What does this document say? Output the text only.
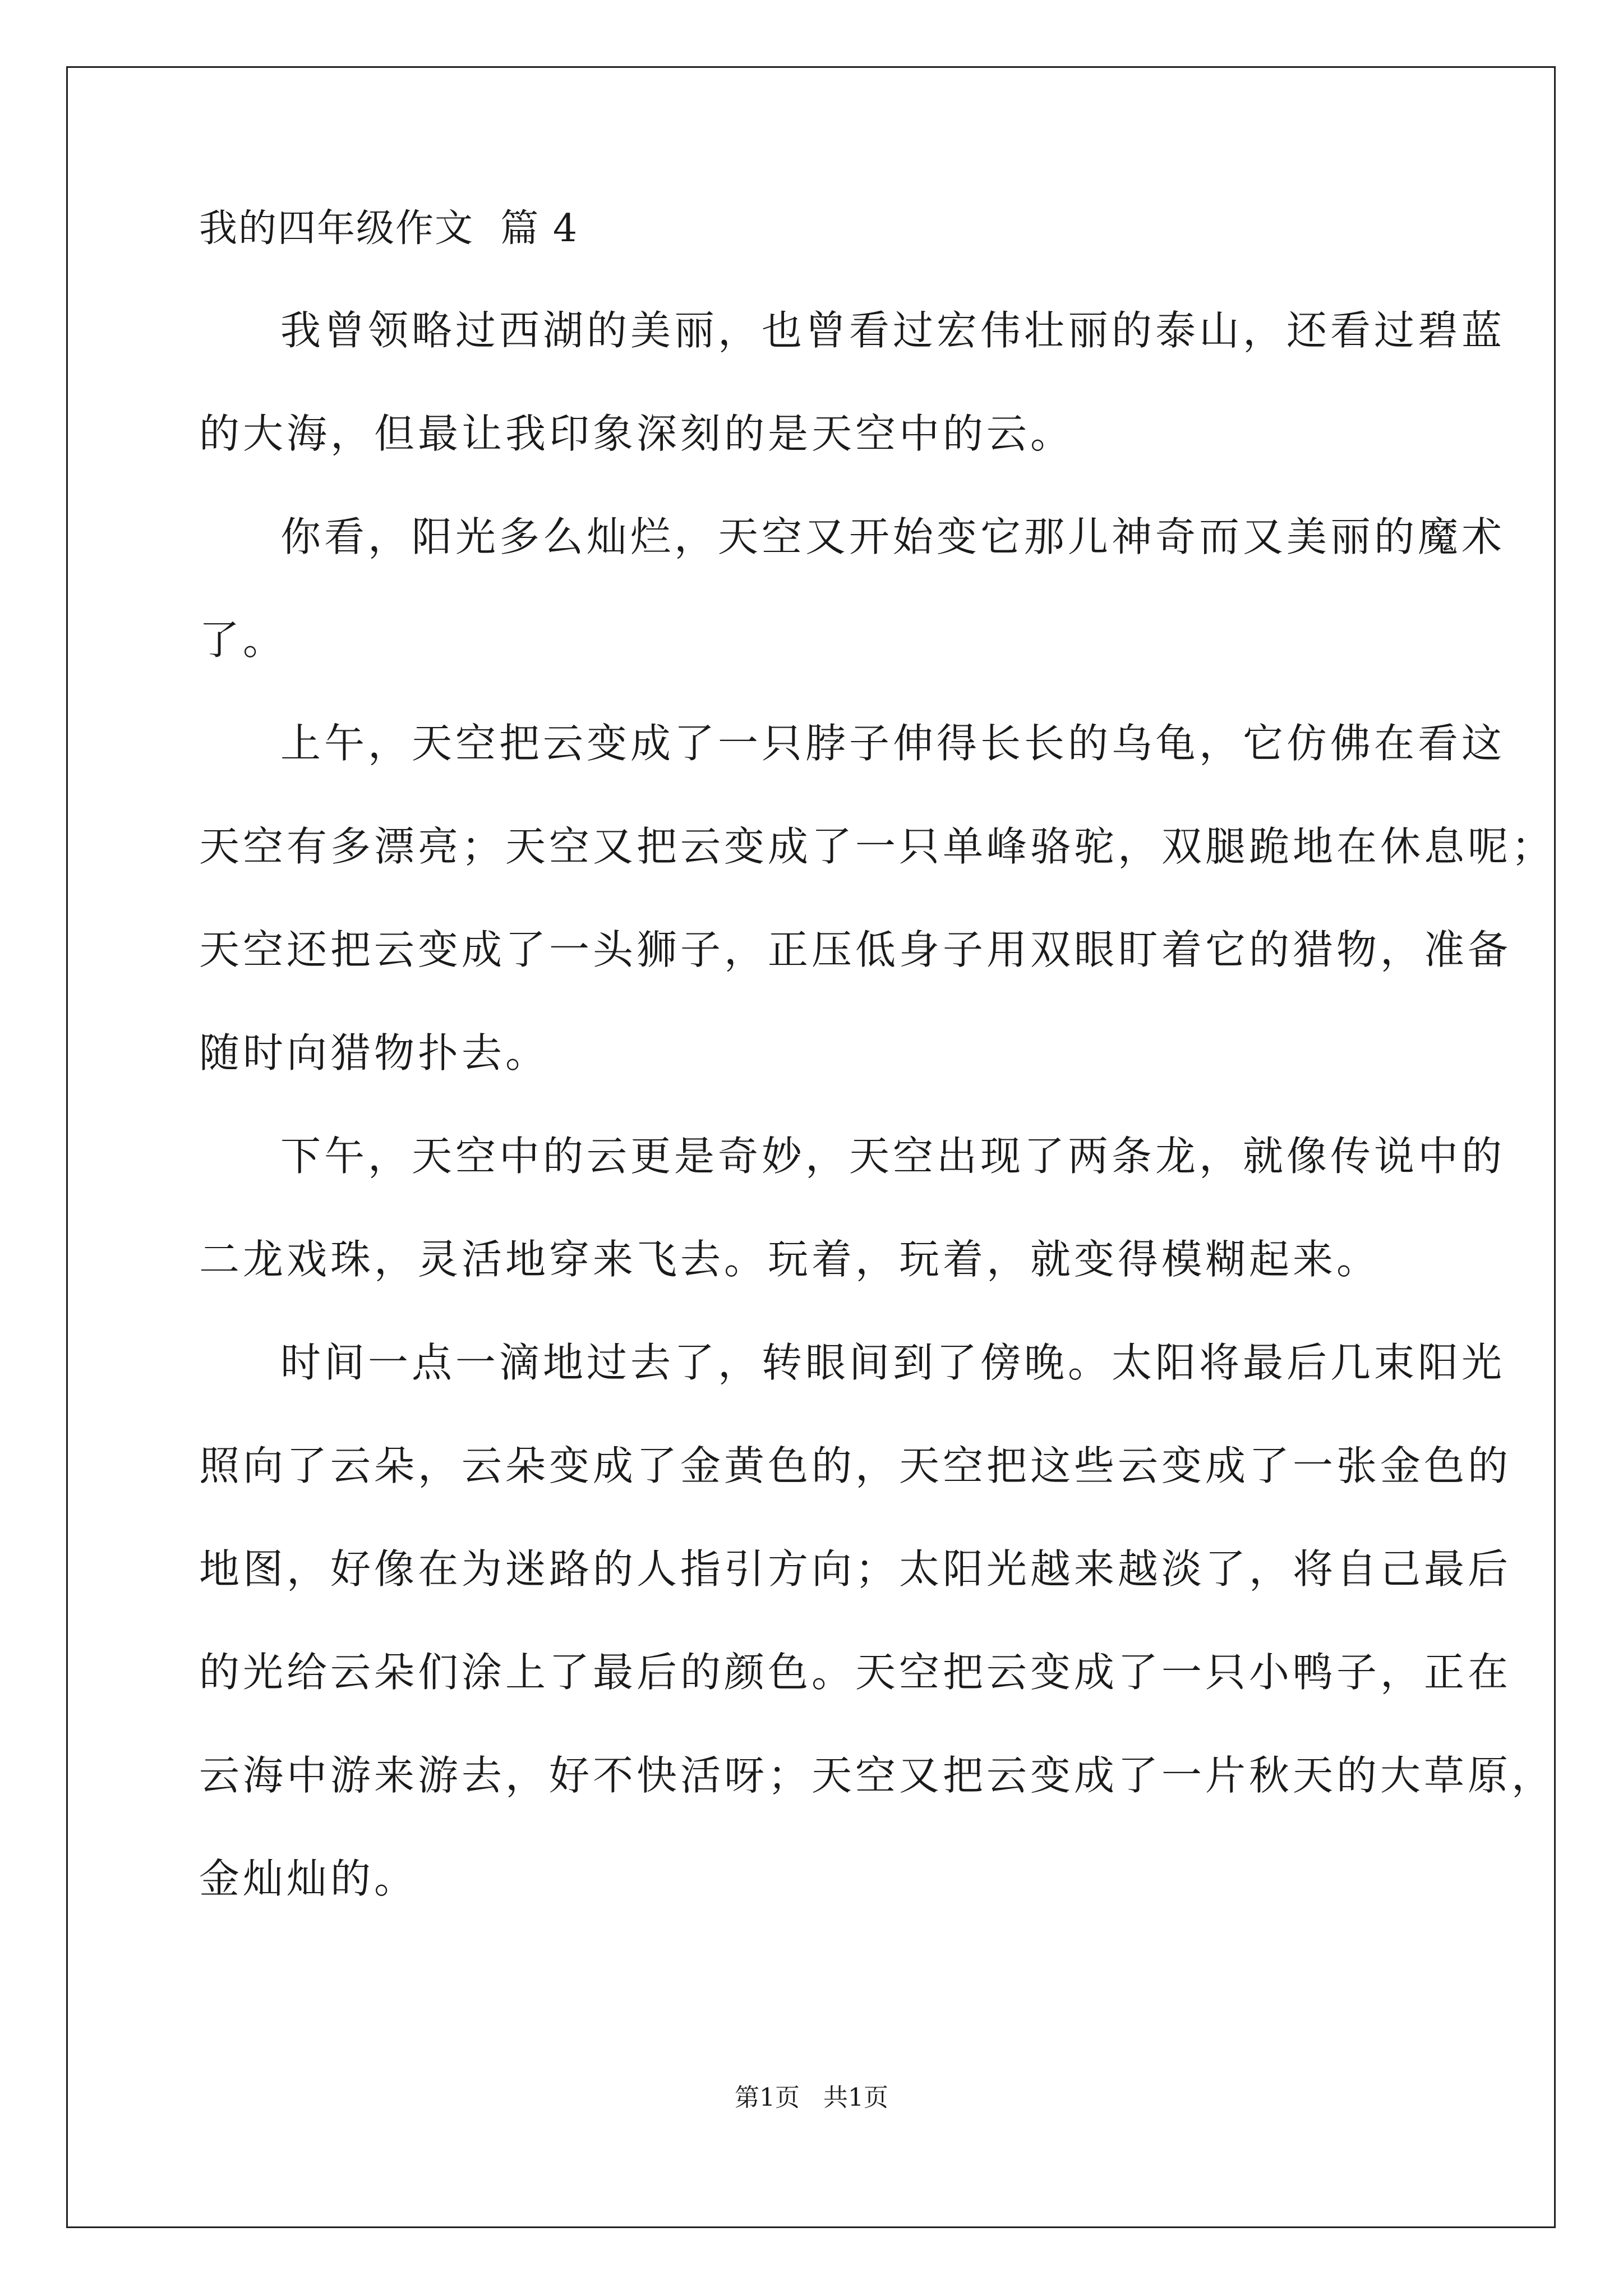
我的四年级作文  篇 4
我曾领略过西湖的美丽，也曾看过宏伟壮丽的泰山，还看过碧蓝
的大海，但最让我印象深刻的是天空中的云。
你看，阳光多么灿烂，天空又开始变它那儿神奇而又美丽的魔术
了。
上午，天空把云变成了一只脖子伸得长长的乌龟，它仿佛在看这
天空有多漂亮；天空又把云变成了一只单峰骆驼，双腿跪地在休息呢；
天空还把云变成了一头狮子，正压低身子用双眼盯着它的猎物，准备
随时向猎物扑去。
下午，天空中的云更是奇妙，天空出现了两条龙，就像传说中的
二龙戏珠，灵活地穿来飞去。玩着，玩着，就变得模糊起来。
时间一点一滴地过去了，转眼间到了傍晚。太阳将最后几束阳光
照向了云朵，云朵变成了金黄色的，天空把这些云变成了一张金色的
地图，好像在为迷路的人指引方向；太阳光越来越淡了，将自己最后
的光给云朵们涂上了最后的颜色。天空把云变成了一只小鸭子，正在
云海中游来游去，好不快活呀；天空又把云变成了一片秋天的大草原，
金灿灿的。
第1页   共1页
